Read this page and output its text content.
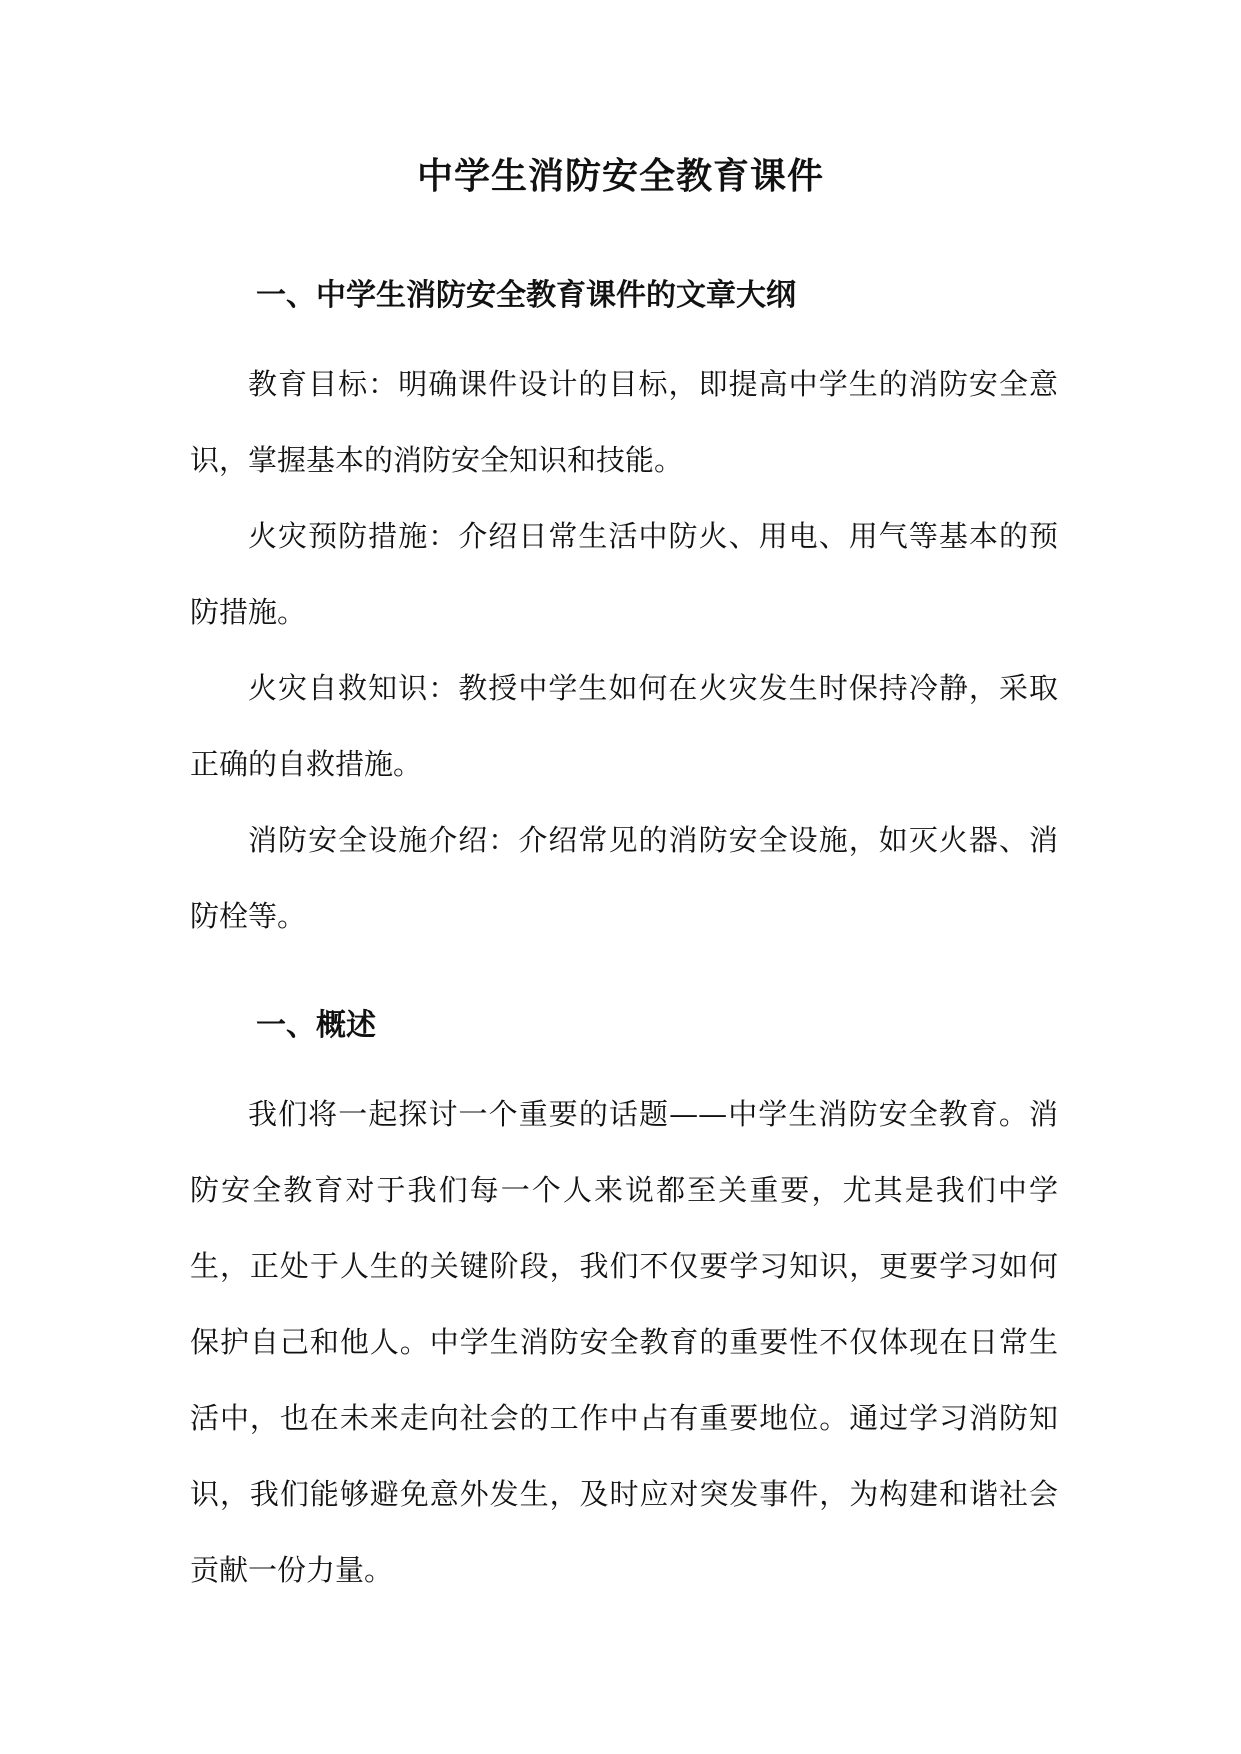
中学生消防安全教育课件
一、中学生消防安全教育课件的文章大纲

教育目标：明确课件设计的目标，即提高中学生的消防安全意识，掌握基本的消防安全知识和技能。

火灾预防措施：介绍日常生活中防火、用电、用气等基本的预防措施。

火灾自救知识：教授中学生如何在火灾发生时保持冷静，采取正确的自救措施。

消防安全设施介绍：介绍常见的消防安全设施，如灭火器、消防栓等。

一、概述

我们将一起探讨一个重要的话题——中学生消防安全教育。消防安全教育对于我们每一个人来说都至关重要，尤其是我们中学生，正处于人生的关键阶段，我们不仅要学习知识，更要学习如何保护自己和他人。中学生消防安全教育的重要性不仅体现在日常生活中，也在未来走向社会的工作中占有重要地位。通过学习消防知识，我们能够避免意外发生，及时应对突发事件，为构建和谐社会贡献一份力量。
